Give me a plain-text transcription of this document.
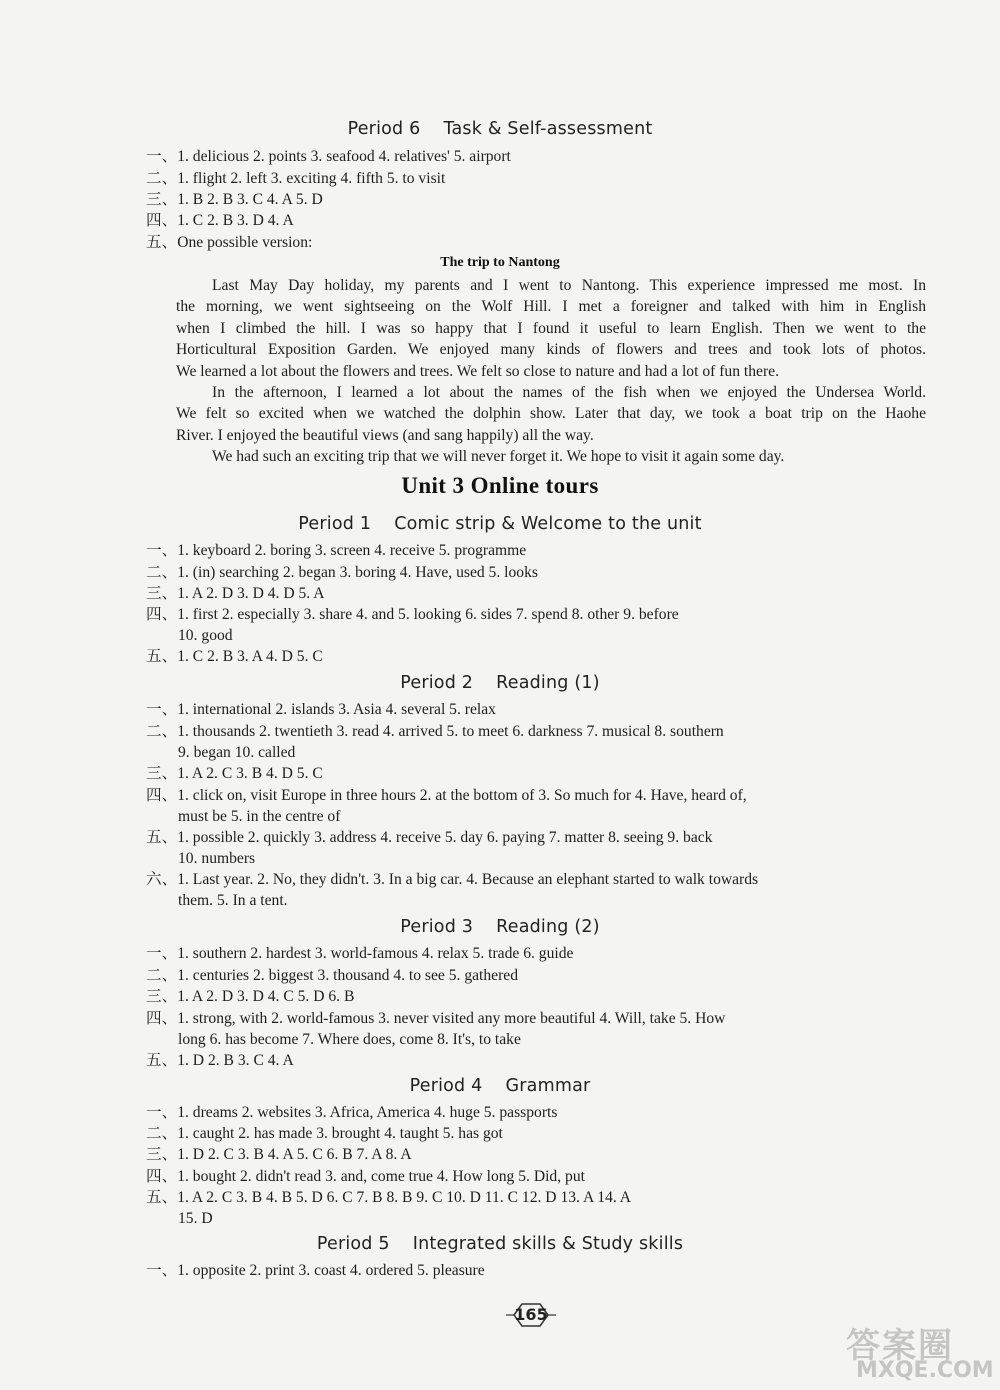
Period 6    Task & Self-assessment
一、1. delicious 2. points 3. seafood 4. relatives' 5. airport
二、1. flight 2. left 3. exciting 4. fifth 5. to visit
三、1. B 2. B 3. C 4. A 5. D
四、1. C 2. B 3. D 4. A
五、One possible version:
The trip to Nantong
Last May Day holiday, my parents and I went to Nantong. This experience impressed me most. In
the morning, we went sightseeing on the Wolf Hill. I met a foreigner and talked with him in English
when I climbed the hill. I was so happy that I found it useful to learn English. Then we went to the
Horticultural Exposition Garden. We enjoyed many kinds of flowers and trees and took lots of photos.
We learned a lot about the flowers and trees. We felt so close to nature and had a lot of fun there.
In the afternoon, I learned a lot about the names of the fish when we enjoyed the Undersea World.
We felt so excited when we watched the dolphin show. Later that day, we took a boat trip on the Haohe
River. I enjoyed the beautiful views (and sang happily) all the way.
We had such an exciting trip that we will never forget it. We hope to visit it again some day.
Unit 3 Online tours
Period 1    Comic strip & Welcome to the unit
一、1. keyboard 2. boring 3. screen 4. receive 5. programme
二、1. (in) searching 2. began 3. boring 4. Have, used 5. looks
三、1. A 2. D 3. D 4. D 5. A
四、1. first 2. especially 3. share 4. and 5. looking 6. sides 7. spend 8. other 9. before
10. good
五、1. C 2. B 3. A 4. D 5. C
Period 2    Reading (1)
一、1. international 2. islands 3. Asia 4. several 5. relax
二、1. thousands 2. twentieth 3. read 4. arrived 5. to meet 6. darkness 7. musical 8. southern
9. began 10. called
三、1. A 2. C 3. B 4. D 5. C
四、1. click on, visit Europe in three hours 2. at the bottom of 3. So much for 4. Have, heard of,
must be 5. in the centre of
五、1. possible 2. quickly 3. address 4. receive 5. day 6. paying 7. matter 8. seeing 9. back
10. numbers
六、1. Last year. 2. No, they didn't. 3. In a big car. 4. Because an elephant started to walk towards
them. 5. In a tent.
Period 3    Reading (2)
一、1. southern 2. hardest 3. world-famous 4. relax 5. trade 6. guide
二、1. centuries 2. biggest 3. thousand 4. to see 5. gathered
三、1. A 2. D 3. D 4. C 5. D 6. B
四、1. strong, with 2. world-famous 3. never visited any more beautiful 4. Will, take 5. How
long 6. has become 7. Where does, come 8. It's, to take
五、1. D 2. B 3. C 4. A
Period 4    Grammar
一、1. dreams 2. websites 3. Africa, America 4. huge 5. passports
二、1. caught 2. has made 3. brought 4. taught 5. has got
三、1. D 2. C 3. B 4. A 5. C 6. B 7. A 8. A
四、1. bought 2. didn't read 3. and, come true 4. How long 5. Did, put
五、1. A 2. C 3. B 4. B 5. D 6. C 7. B 8. B 9. C 10. D 11. C 12. D 13. A 14. A
15. D
Period 5    Integrated skills & Study skills
一、1. opposite 2. print 3. coast 4. ordered 5. pleasure
165
答案圈
MXQE.COM
